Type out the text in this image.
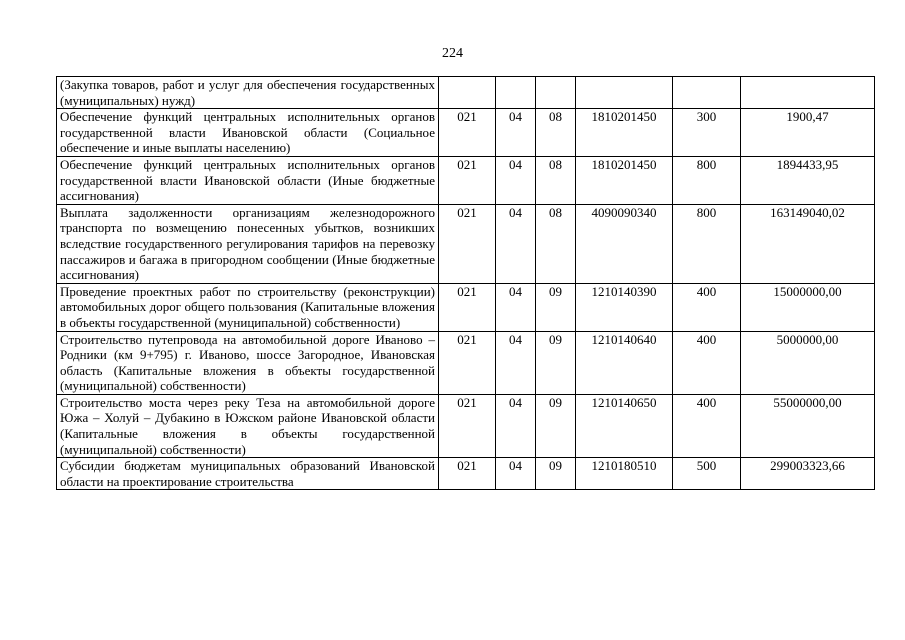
224
(Закупка товаров, работ и услуг для обеспечения государственных (муниципальных) нужд)						
Обеспечение функций центральных исполнительных органов государственной власти Ивановской области (Социальное обеспечение и иные выплаты населению)	021	04	08	1810201450	300	1900,47
Обеспечение функций центральных исполнительных органов государственной власти Ивановской области (Иные бюджетные ассигнования)	021	04	08	1810201450	800	1894433,95
Выплата задолженности организациям железнодорожного транспорта по возмещению понесенных убытков, возникших вследствие государственного регулирования тарифов на перевозку пассажиров и багажа в пригородном сообщении (Иные бюджетные ассигнования)	021	04	08	4090090340	800	163149040,02
Проведение проектных работ по строительству (реконструкции) автомобильных дорог общего пользования (Капитальные вложения в объекты государственной (муниципальной) собственности)	021	04	09	1210140390	400	15000000,00
Строительство путепровода на автомобильной дороге Иваново – Родники (км 9+795) г. Иваново, шоссе Загородное, Ивановская область (Капитальные вложения в объекты государственной (муниципальной) собственности)	021	04	09	1210140640	400	5000000,00
Строительство моста через реку Теза на автомобильной дороге Южа – Холуй – Дубакино в Южском районе Ивановской области (Капитальные вложения в объекты государственной (муниципальной) собственности)	021	04	09	1210140650	400	55000000,00
Субсидии бюджетам муниципальных образований Ивановской области на проектирование строительства	021	04	09	1210180510	500	299003323,66
